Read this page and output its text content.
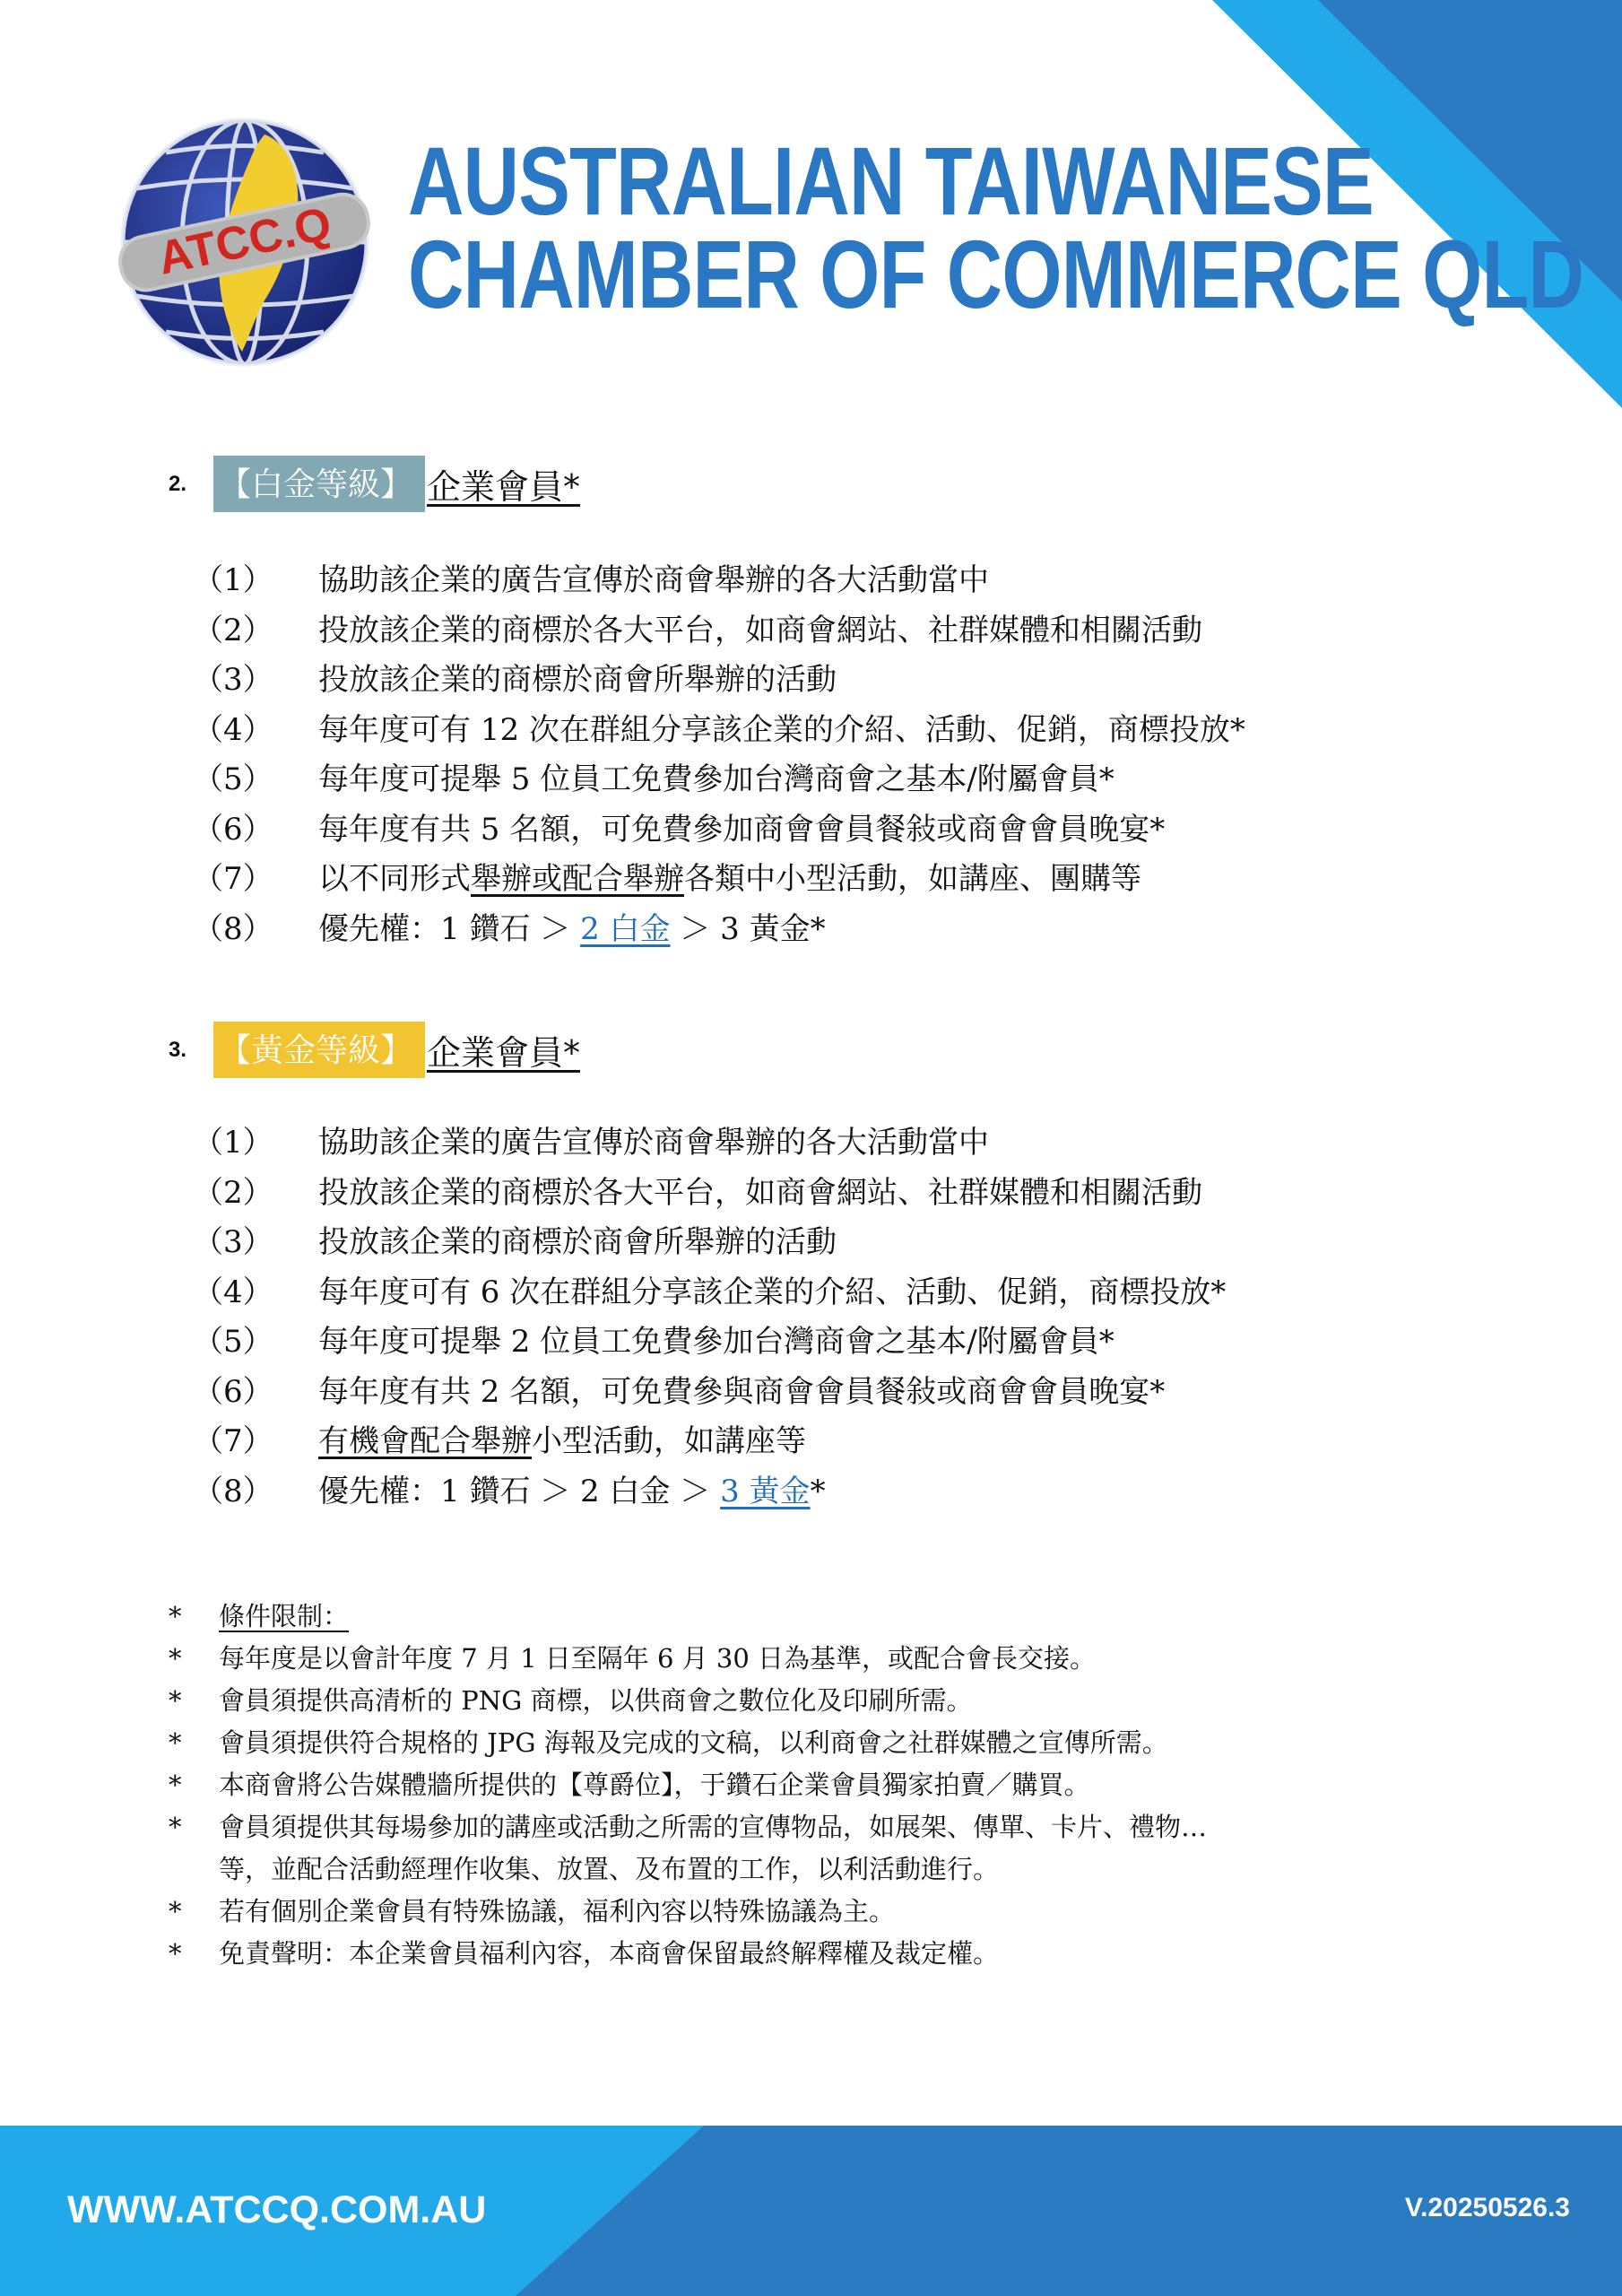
ATCC.Q
AUSTRALIAN TAIWANESE
CHAMBER OF COMMERCE QLD
2. 【白金等級】 企業會員*
（1） 協助該企業的廣告宣傳於商會舉辦的各大活動當中
（2） 投放該企業的商標於各大平台，如商會網站、社群媒體和相關活動
（3） 投放該企業的商標於商會所舉辦的活動
（4） 每年度可有 12 次在群組分享該企業的介紹、活動、促銷，商標投放*
（5） 每年度可提舉 5 位員工免費參加台灣商會之基本/附屬會員*
（6） 每年度有共 5 名額，可免費參加商會會員餐敍或商會會員晚宴*
（7） 以不同形式舉辦或配合舉辦各類中小型活動，如講座、團購等
（8） 優先權：1 鑽石 ＞ 2 白金 ＞ 3 黃金*
3. 【黃金等級】 企業會員*
（1） 協助該企業的廣告宣傳於商會舉辦的各大活動當中
（2） 投放該企業的商標於各大平台，如商會網站、社群媒體和相關活動
（3） 投放該企業的商標於商會所舉辦的活動
（4） 每年度可有 6 次在群組分享該企業的介紹、活動、促銷，商標投放*
（5） 每年度可提舉 2 位員工免費參加台灣商會之基本/附屬會員*
（6） 每年度有共 2 名額，可免費參與商會會員餐敍或商會會員晚宴*
（7） 有機會配合舉辦小型活動，如講座等
（8） 優先權：1 鑽石 ＞ 2 白金 ＞ 3 黃金*
* 條件限制：
*	每年度是以會計年度 7 月 1 日至隔年 6 月 30 日為基準，或配合會長交接。
*	會員須提供高清析的 PNG 商標，以供商會之數位化及印刷所需。
*	會員須提供符合規格的 JPG 海報及完成的文稿，以利商會之社群媒體之宣傳所需。
*	本商會將公告媒體牆所提供的【尊爵位】，于鑽石企業會員獨家拍賣／購買。
*	會員須提供其每場參加的講座或活動之所需的宣傳物品，如展架、傳單、卡片、禮物…
等，並配合活動經理作收集、放置、及布置的工作，以利活動進行。
*	若有個別企業會員有特殊協議，福利內容以特殊協議為主。
*	免責聲明：本企業會員福利內容，本商會保留最終解釋權及裁定權。
WWW.ATCCQ.COM.AU	V.20250526.3
